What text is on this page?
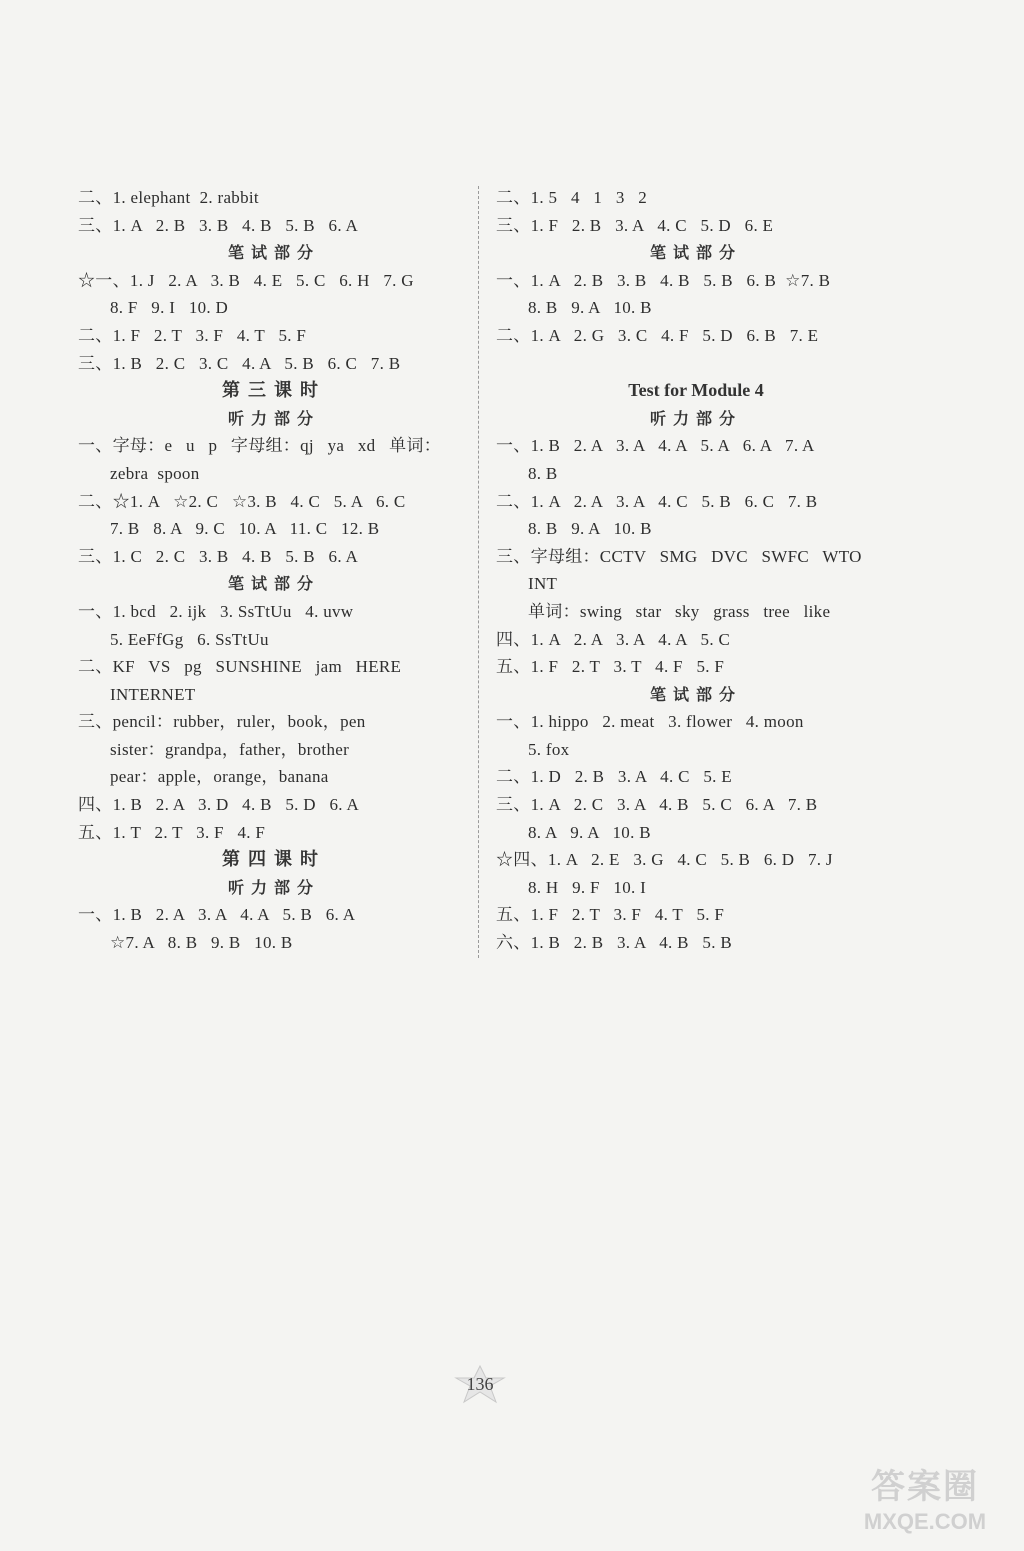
二、1. elephant  2. rabbit
三、1. A   2. B   3. B   4. B   5. B   6. A
笔试部分
☆一、1. J   2. A   3. B   4. E   5. C   6. H   7. G
8. F   9. I   10. D
二、1. F   2. T   3. F   4. T   5. F
三、1. B   2. C   3. C   4. A   5. B   6. C   7. B
第三课时
听力部分
一、字母：e   u   p   字母组：qj   ya   xd   单词：
zebra  spoon
二、☆1. A   ☆2. C   ☆3. B   4. C   5. A   6. C
7. B   8. A   9. C   10. A   11. C   12. B
三、1. C   2. C   3. B   4. B   5. B   6. A
笔试部分
一、1. bcd   2. ijk   3. SsTtUu   4. uvw
5. EeFfGg   6. SsTtUu
二、KF   VS   pg   SUNSHINE   jam   HERE
INTERNET
三、pencil：rubber，ruler，book，pen
sister：grandpa，father，brother
pear：apple，orange，banana
四、1. B   2. A   3. D   4. B   5. D   6. A
五、1. T   2. T   3. F   4. F
第四课时
听力部分
一、1. B   2. A   3. A   4. A   5. B   6. A
☆7. A   8. B   9. B   10. B
二、1. 5   4   1   3   2
三、1. F   2. B   3. A   4. C   5. D   6. E
笔试部分
一、1. A   2. B   3. B   4. B   5. B   6. B  ☆7. B
8. B   9. A   10. B
二、1. A   2. G   3. C   4. F   5. D   6. B   7. E
Test for Module 4
听力部分
一、1. B   2. A   3. A   4. A   5. A   6. A   7. A
8. B
二、1. A   2. A   3. A   4. C   5. B   6. C   7. B
8. B   9. A   10. B
三、字母组：CCTV   SMG   DVC   SWFC   WTO
INT
单词：swing   star   sky   grass   tree   like
四、1. A   2. A   3. A   4. A   5. C
五、1. F   2. T   3. T   4. F   5. F
笔试部分
一、1. hippo   2. meat   3. flower   4. moon
5. fox
二、1. D   2. B   3. A   4. C   5. E
三、1. A   2. C   3. A   4. B   5. C   6. A   7. B
8. A   9. A   10. B
☆四、1. A   2. E   3. G   4. C   5. B   6. D   7. J
8. H   9. F   10. I
五、1. F   2. T   3. F   4. T   5. F
六、1. B   2. B   3. A   4. B   5. B
136
答案圈
MXQE.COM
